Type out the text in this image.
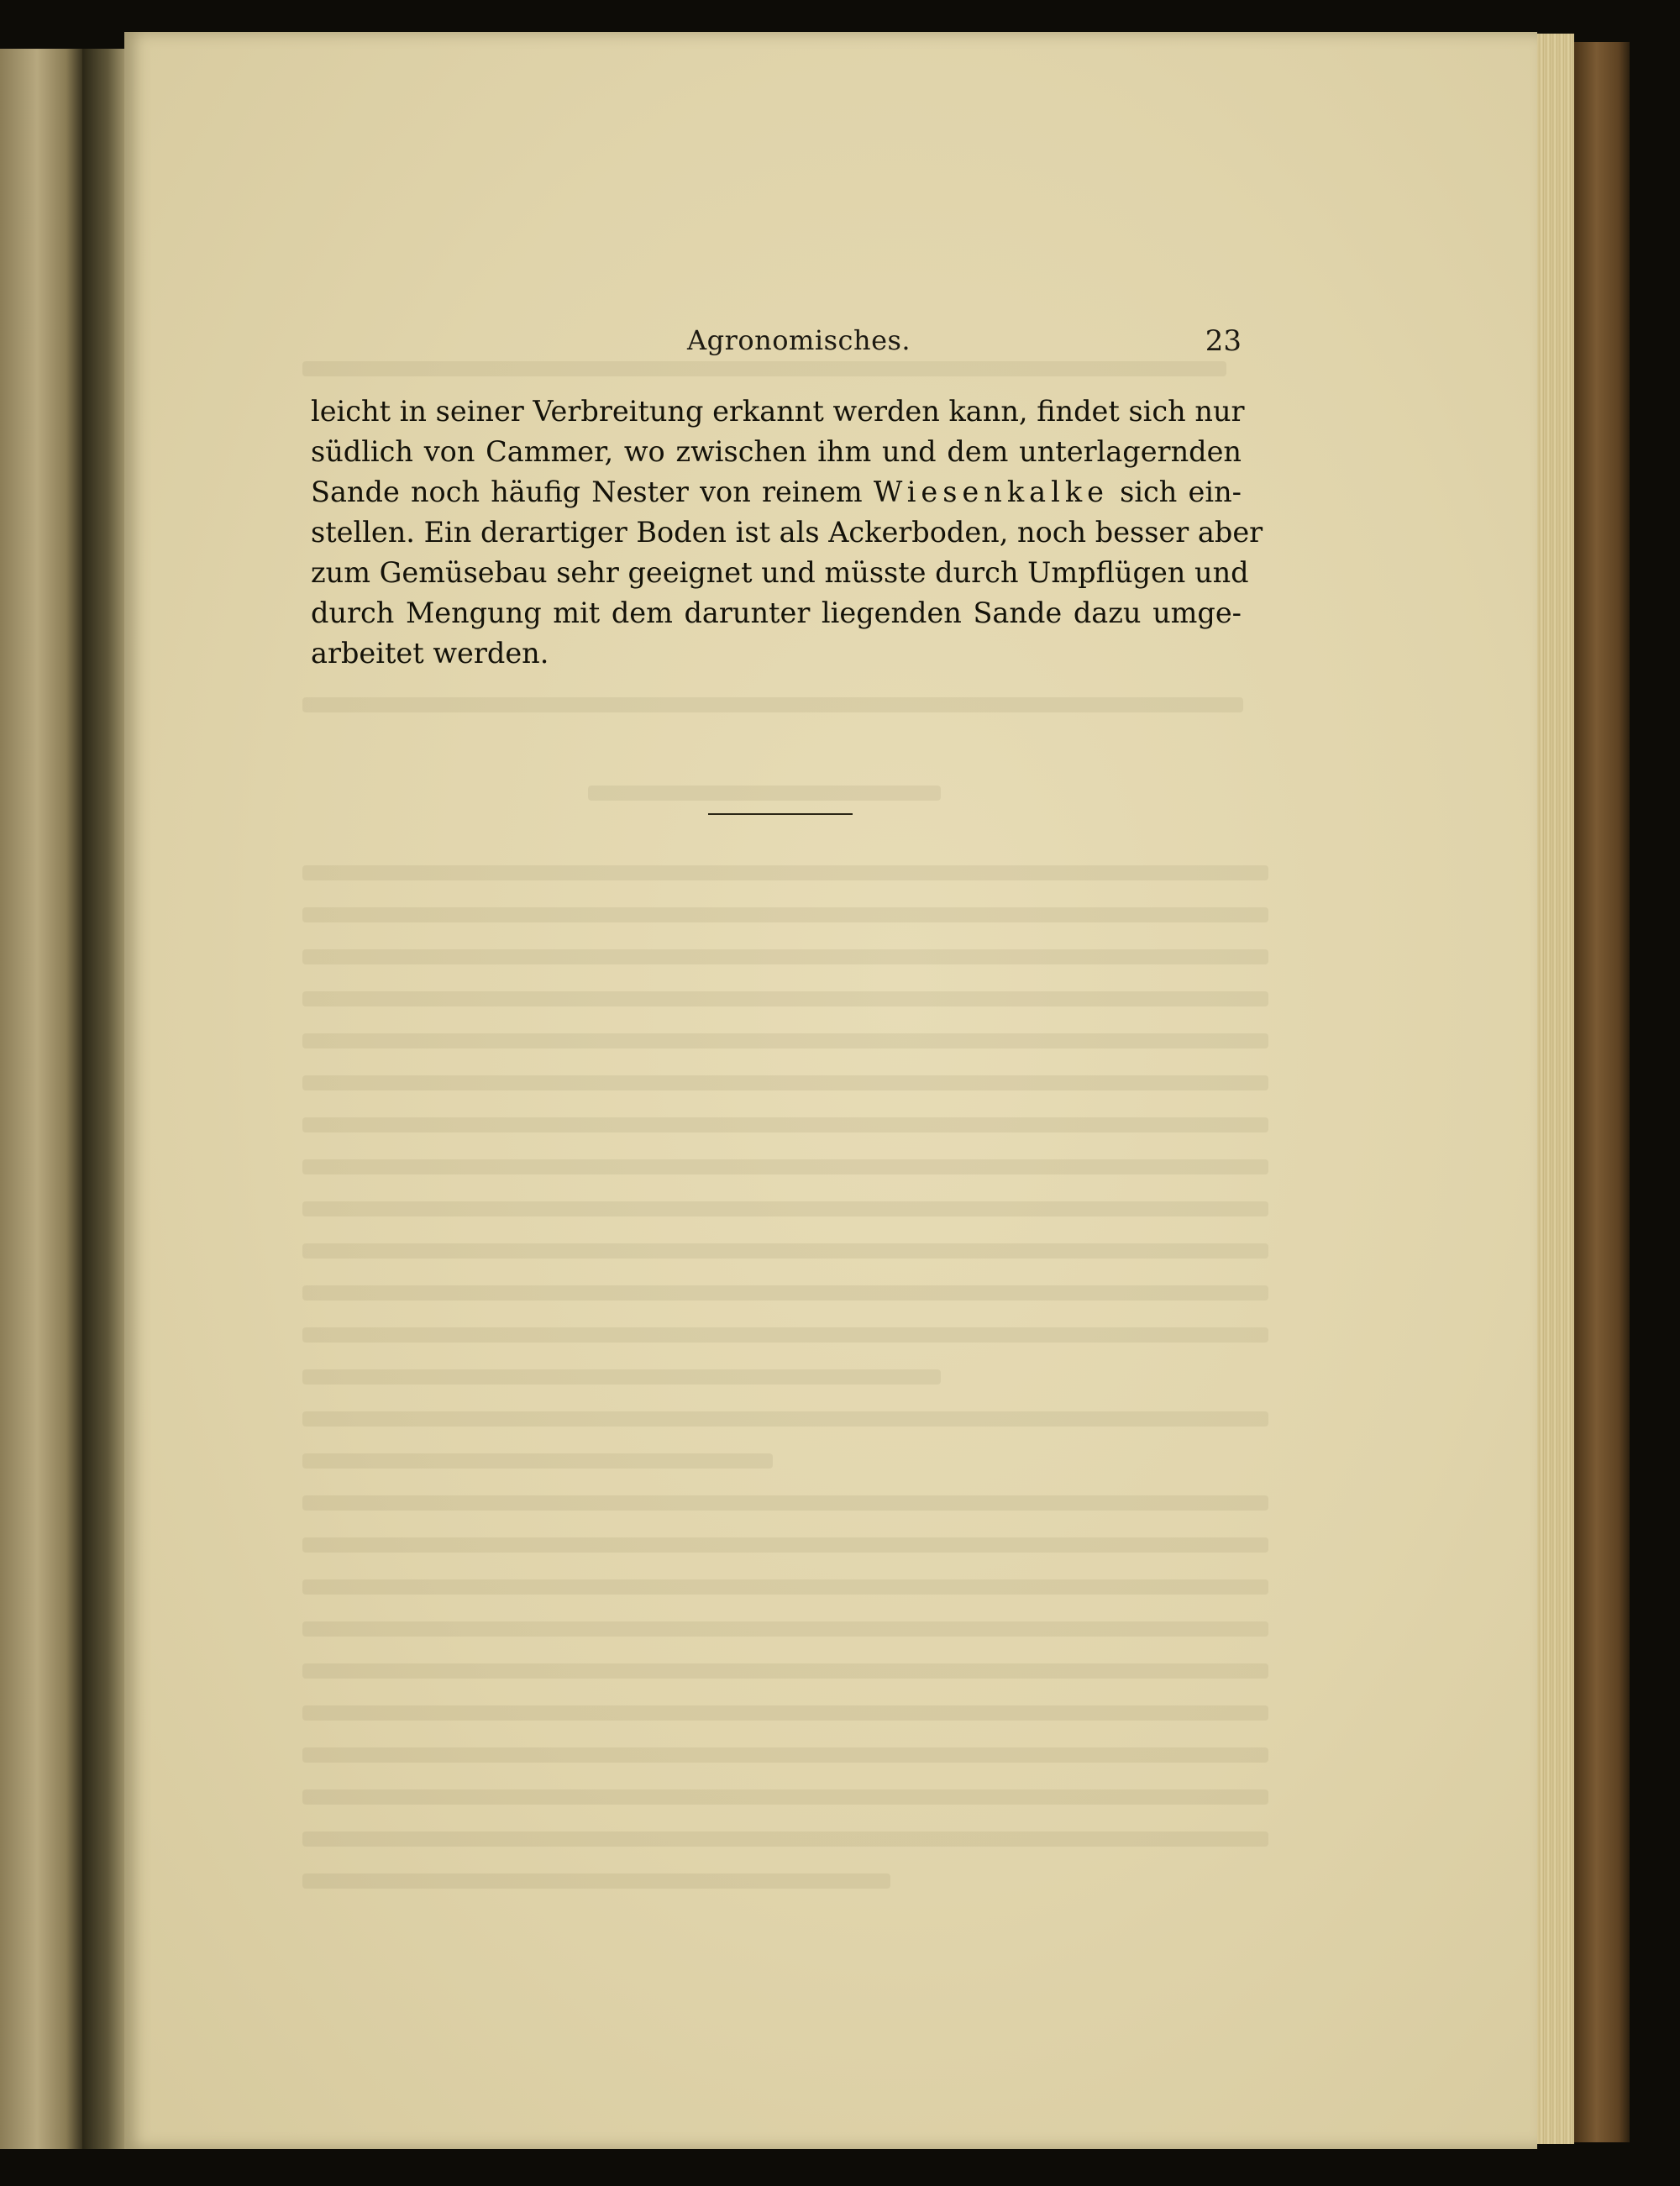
Agronomisches.	23
leicht in seiner Verbreitung erkannt werden kann, findet sich nur
südlich von Cammer, wo zwischen ihm und dem unterlagernden
Sande noch häufig Nester von reinem Wiesenkalke sich ein-
stellen. Ein derartiger Boden ist als Ackerboden, noch besser aber
zum Gemüsebau sehr geeignet und müsste durch Umpflügen und
durch Mengung mit dem darunter liegenden Sande dazu umge-
arbeitet werden.
